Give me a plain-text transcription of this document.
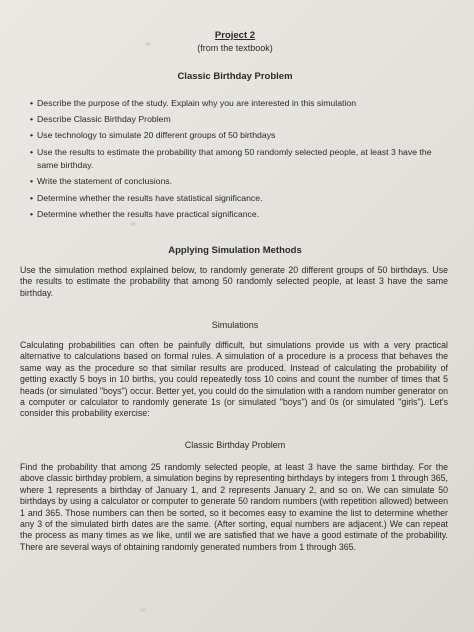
Project 2
(from the textbook)
Classic Birthday Problem
• Describe the purpose of the study. Explain why you are interested in this simulation
• Describe Classic Birthday Problem
• Use technology to simulate 20 different groups of 50 birthdays
• Use the results to estimate the probability that among 50 randomly selected people, at least 3 have the same birthday.
• Write the statement of conclusions.
• Determine whether the results have statistical significance.
• Determine whether the results have practical significance.
Applying Simulation Methods

Use the simulation method explained below, to randomly generate 20 different groups of 50 birthdays. Use the results to estimate the probability that among 50 randomly selected people, at least 3 have the same birthday.

Simulations

Calculating probabilities can often be painfully difficult, but simulations provide us with a very practical alternative to calculations based on formal rules. A simulation of a procedure is a process that behaves the same way as the procedure so that similar results are produced. Instead of calculating the probability of getting exactly 5 boys in 10 births, you could repeatedly toss 10 coins and count the number of times that 5 heads (or simulated "boys") occur. Better yet, you could do the simulation with a random number generator on a computer or calculator to randomly generate 1s (or simulated "boys") and 0s (or simulated "girls"). Let's consider this probability exercise:

Classic Birthday Problem

Find the probability that among 25 randomly selected people, at least 3 have the same birthday. For the above classic birthday problem, a simulation begins by representing birthdays by integers from 1 through 365, where 1 represents a birthday of January 1, and 2 represents January 2, and so on. We can simulate 50 birthdays by using a calculator or computer to generate 50 random numbers (with repetition allowed) between 1 and 365. Those numbers can then be sorted, so it becomes easy to examine the list to determine whether any 3 of the simulated birth dates are the same. (After sorting, equal numbers are adjacent.) We can repeat the process as many times as we like, until we are satisfied that we have a good estimate of the probability. There are several ways of obtaining randomly generated numbers from 1 through 365.
